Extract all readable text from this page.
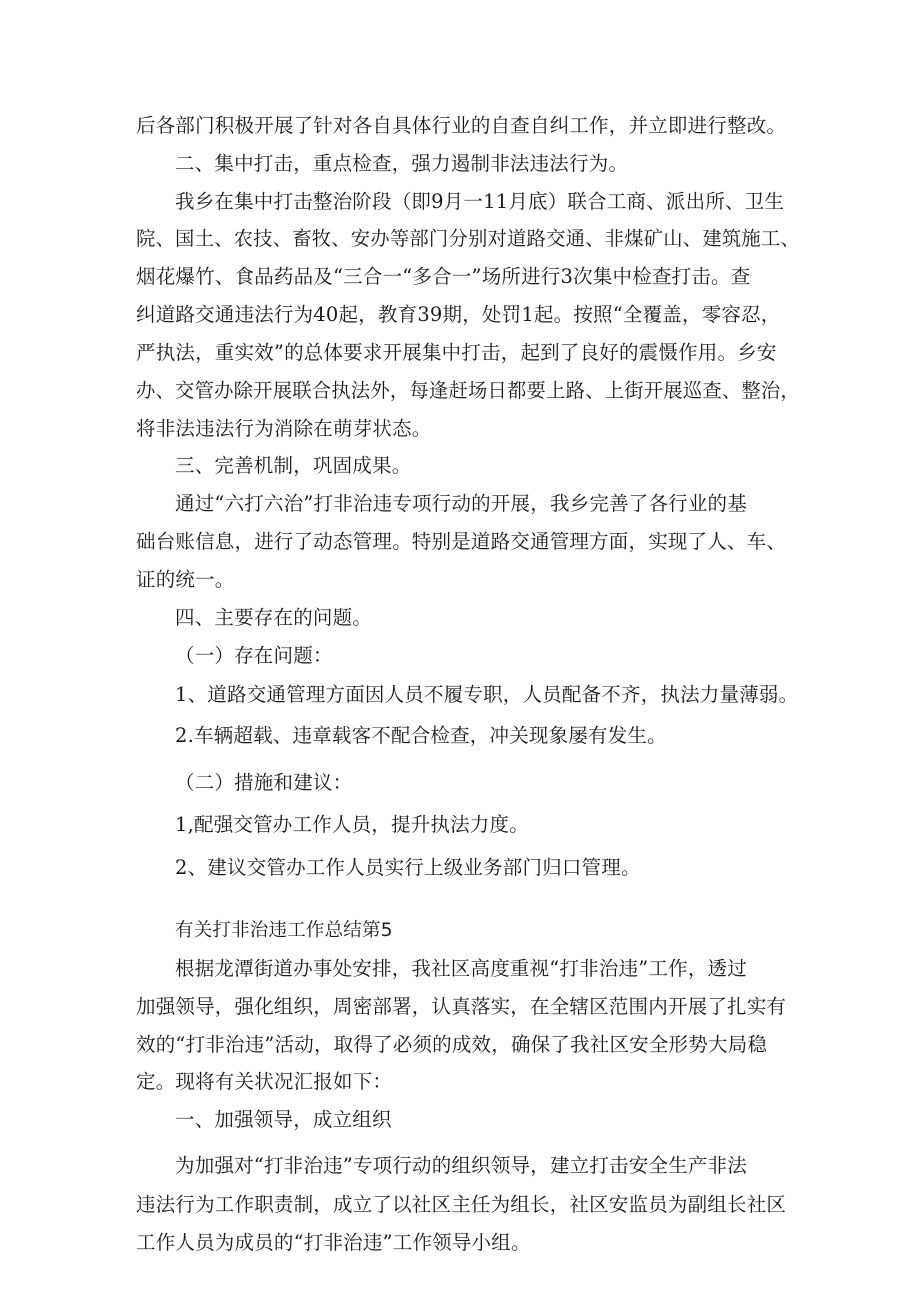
后各部门积极开展了针对各自具体行业的自查自纠工作，并立即进行整改。
二、集中打击，重点检查，强力遏制非法违法行为。
我乡在集中打击整治阶段（即9月一11月底）联合工商、派出所、卫生
院、国土、农技、畜牧、安办等部门分别对道路交通、非煤矿山、建筑施工、
烟花爆竹、食品药品及“三合一“多合一”场所进行3次集中检查打击。查
纠道路交通违法行为40起，教育39期，处罚1起。按照“全覆盖，零容忍，
严执法，重实效”的总体要求开展集中打击，起到了良好的震慑作用。乡安
办、交管办除开展联合执法外，每逢赶场日都要上路、上街开展巡查、整治，
将非法违法行为消除在萌芽状态。
三、完善机制，巩固成果。
通过“六打六治”打非治违专项行动的开展，我乡完善了各行业的基
础台账信息，进行了动态管理。特别是道路交通管理方面，实现了人、车、
证的统一。
四、主要存在的问题。
（一）存在问题：
1、道路交通管理方面因人员不履专职，人员配备不齐，执法力量薄弱。
2.车辆超载、违章载客不配合检查，冲关现象屡有发生。
（二）措施和建议：
1,配强交管办工作人员，提升执法力度。
2、建议交管办工作人员实行上级业务部门归口管理。
有关打非治违工作总结第5
根据龙潭街道办事处安排，我社区高度重视“打非治违”工作，透过
加强领导，强化组织，周密部署，认真落实，在全辖区范围内开展了扎实有
效的“打非治违”活动，取得了必须的成效，确保了我社区安全形势大局稳
定。现将有关状况汇报如下：
一、加强领导，成立组织
为加强对“打非治违”专项行动的组织领导，建立打击安全生产非法
违法行为工作职责制，成立了以社区主任为组长，社区安监员为副组长社区
工作人员为成员的“打非治违”工作领导小组。
